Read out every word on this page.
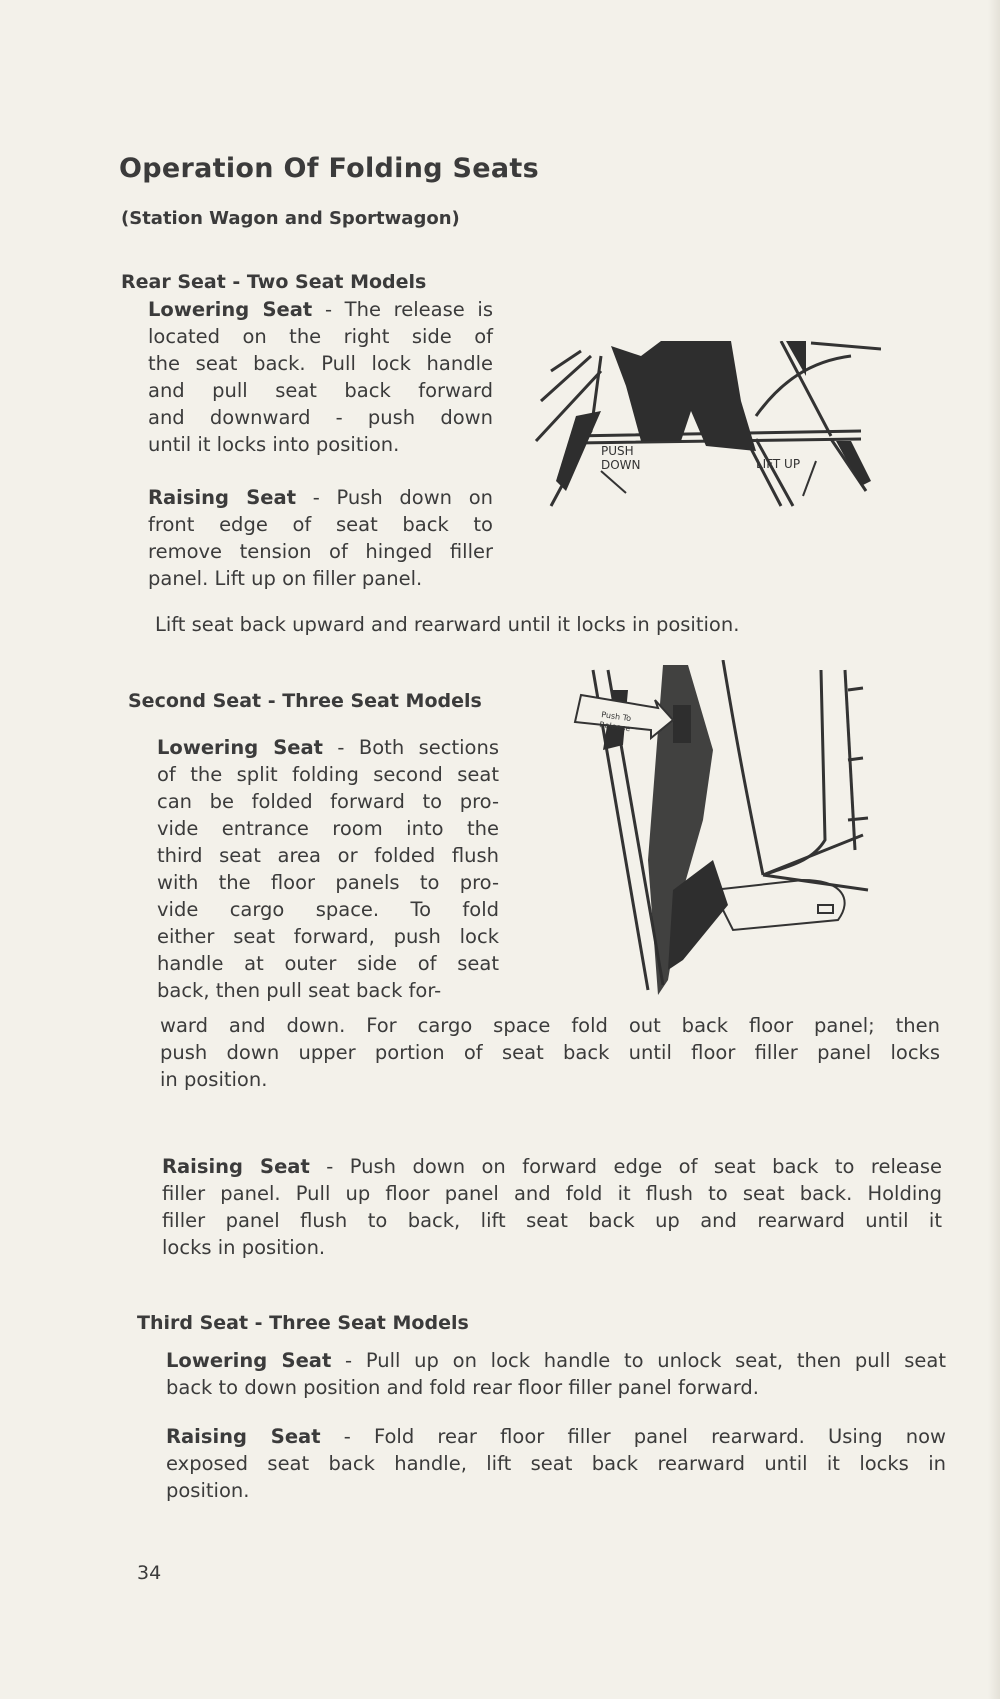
Operation Of Folding Seats
(Station Wagon and Sportwagon)
Rear Seat - Two Seat Models
Lowering Seat - The release is
located on the right side of
the seat back. Pull lock handle
and pull seat back forward
and downward - push down
until it locks into position.
Raising Seat - Push down on
front edge of seat back to
remove tension of hinged filler
panel. Lift up on filler panel.
Lift seat back upward and rearward until it locks in position.
PUSH
DOWN	LIFT UP
Second Seat - Three Seat Models
Lowering Seat - Both sections
of the split folding second seat
can be folded forward to pro-
vide entrance room into the
third seat area or folded flush
with the floor panels to pro-
vide cargo space. To fold
either seat forward, push lock
handle at outer side of seat
back, then pull seat back for-
ward and down. For cargo space fold out back floor panel; then
push down upper portion of seat back until floor filler panel locks
in position.
Push To
Release
Raising Seat - Push down on forward edge of seat back to release
filler panel. Pull up floor panel and fold it flush to seat back. Holding
filler panel flush to back, lift seat back up and rearward until it
locks in position.
Third Seat - Three Seat Models
Lowering Seat - Pull up on lock handle to unlock seat, then pull seat
back to down position and fold rear floor filler panel forward.
Raising Seat - Fold rear floor filler panel rearward. Using now
exposed seat back handle, lift seat back rearward until it locks in
position.
34
